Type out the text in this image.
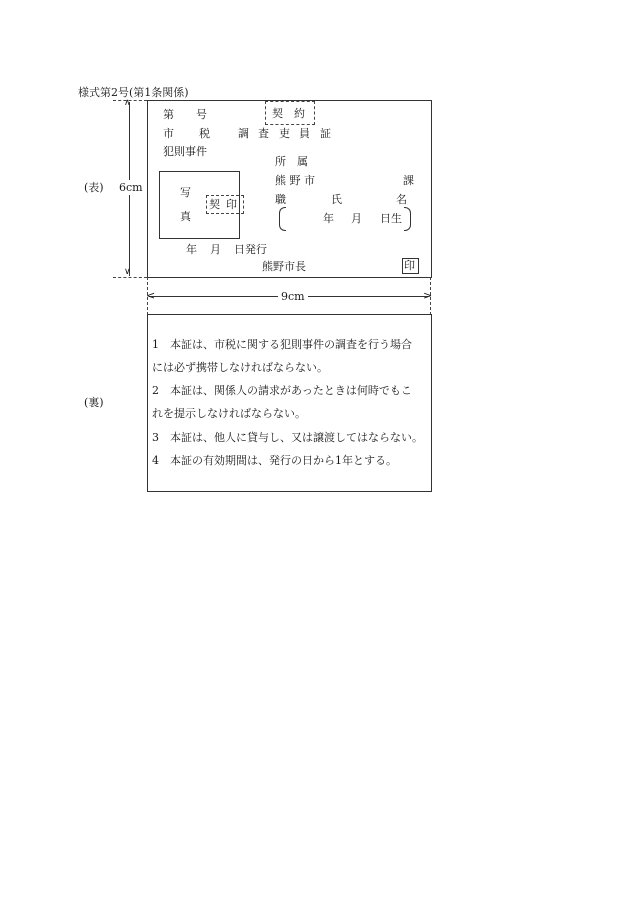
様式第2号(第1条関係)
∧
∨
6cm
(表)
第　　号	契　約
市 税	調 査 吏 員 証
犯則事件
写
真
契 印
所　属
熊 野 市	課
職	氏	名
年 月 日生
年 月 日発行
熊野市長	印
<	>
9cm
(裏)
1　本証は、市税に関する犯則事件の調査を行う場合
には必ず携帯しなければならない。
2　本証は、関係人の請求があったときは何時でもこ
れを提示しなければならない。
3　本証は、他人に貸与し、又は譲渡してはならない。
4　本証の有効期間は、発行の日から1年とする。
